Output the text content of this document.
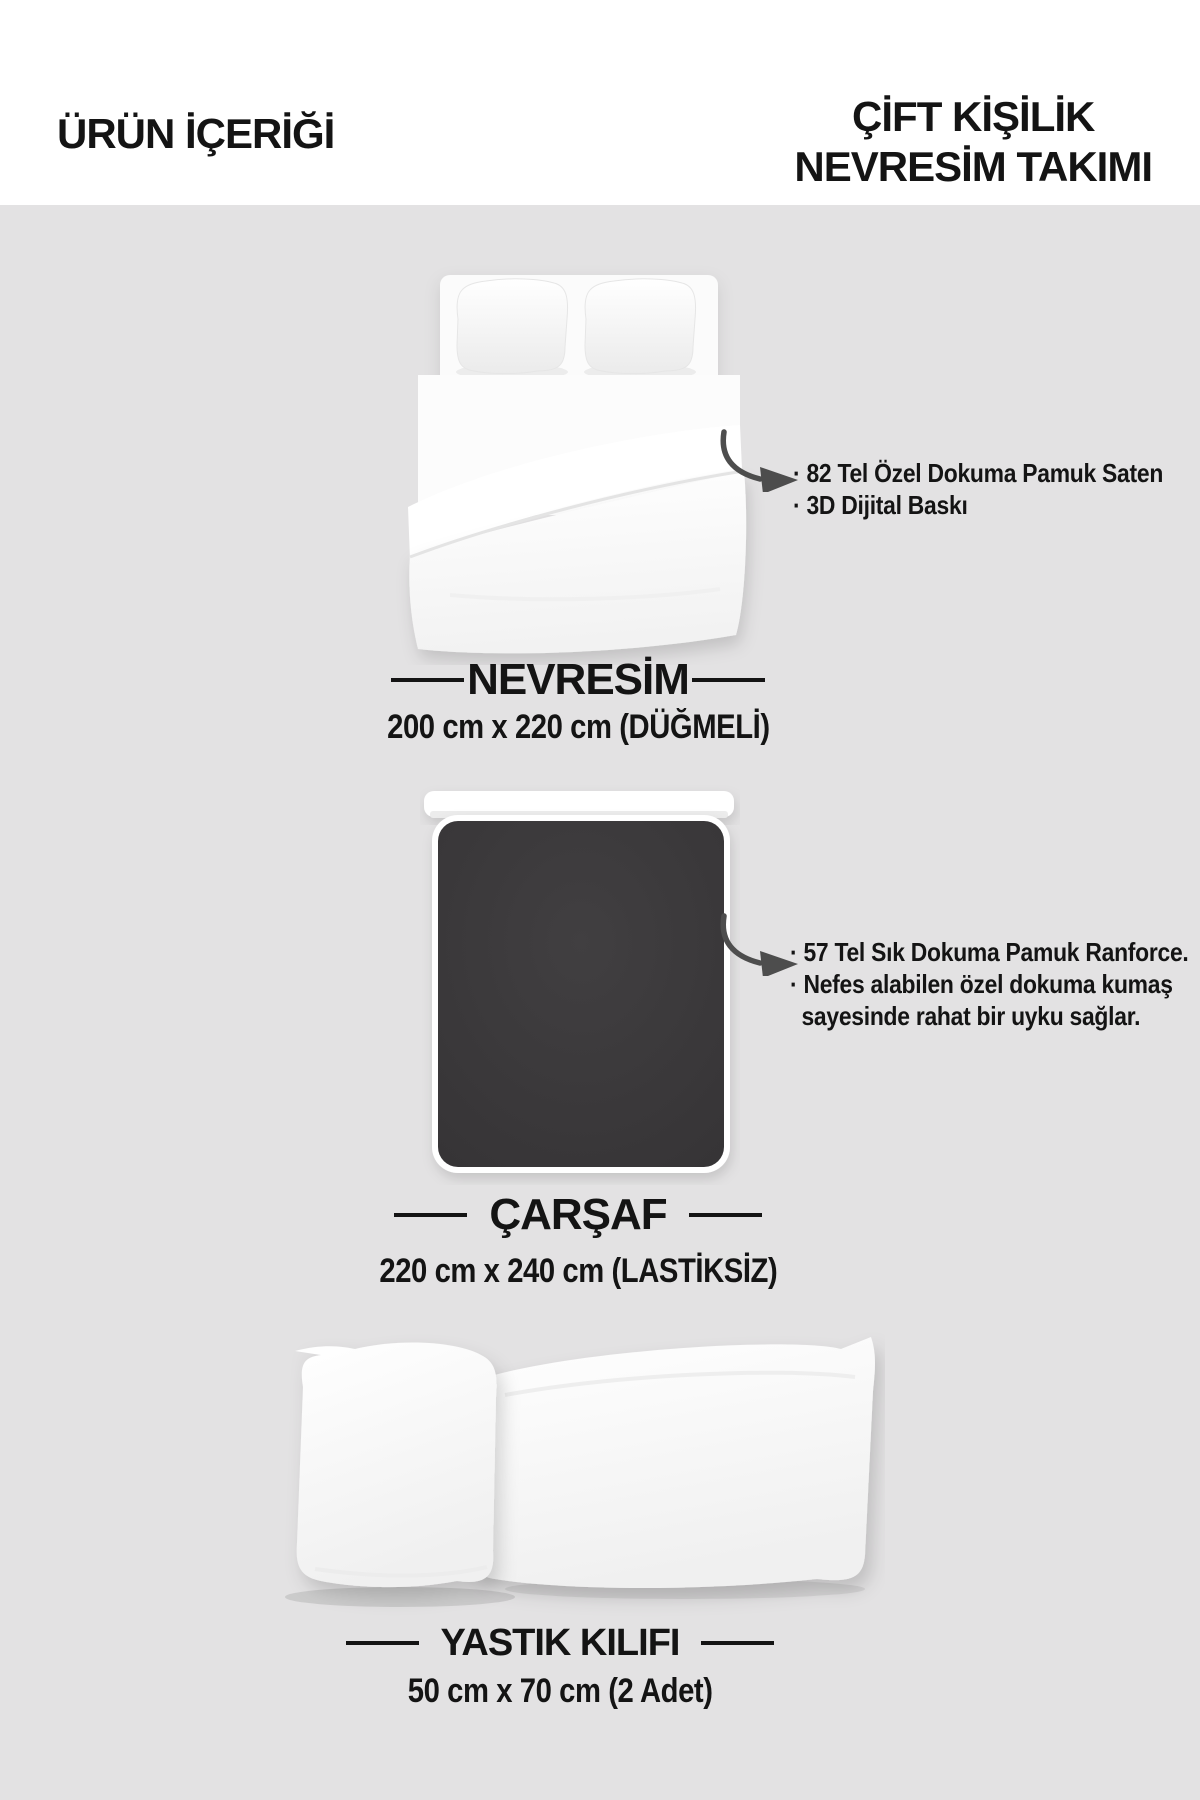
ÜRÜN İÇERİĞİ	ÇİFT KİŞİLİK
NEVRESİM TAKIMI
· 82 Tel Özel Dokuma Pamuk Saten
· 3D Dijital Baskı
NEVRESİM
200 cm x 220 cm (DÜĞMELİ)
· 57 Tel Sık Dokuma Pamuk Ranforce.
· Nefes alabilen özel dokuma kumaş
sayesinde rahat bir uyku sağlar.
ÇARŞAF
220 cm x 240 cm (LASTİKSİZ)
YASTIK KILIFI
50 cm x 70 cm (2 Adet)
